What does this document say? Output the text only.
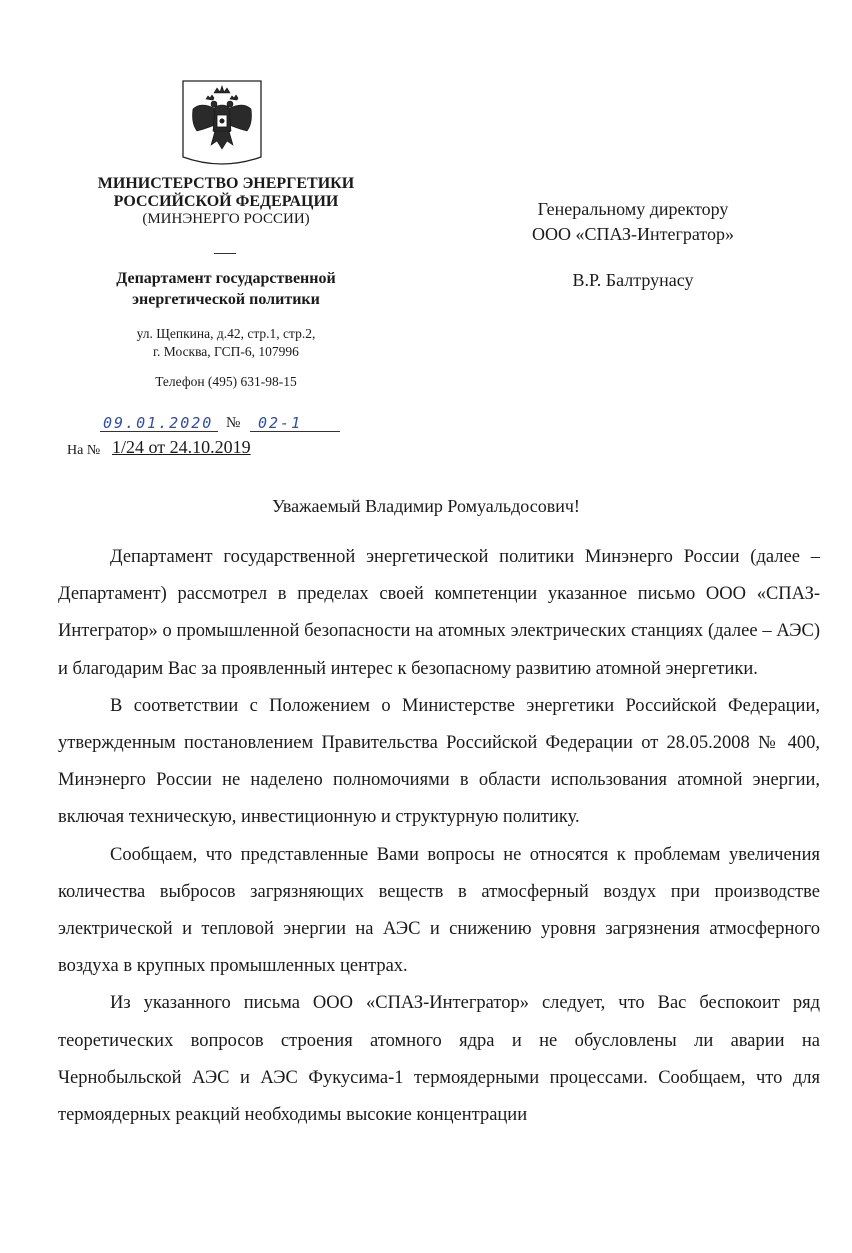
МИНИСТЕРСТВО ЭНЕРГЕТИКИ
РОССИЙСКОЙ ФЕДЕРАЦИИ
(МИНЭНЕРГО РОССИИ)
Департамент государственной
энергетической политики
ул. Щепкина, д.42, стр.1, стр.2,
г. Москва, ГСП-6, 107996
Телефон (495) 631-98-15
09.01.2020 № 02-1
На № 1/24 от 24.10.2019
Генеральному директору
ООО «СПАЗ-Интегратор»
В.Р. Балтрунасу
Уважаемый Владимир Ромуальдосович!

Департамент государственной энергетической политики Минэнерго России (далее – Департамент) рассмотрел в пределах своей компетенции указанное письмо ООО «СПАЗ-Интегратор» о промышленной безопасности на атомных электрических станциях (далее – АЭС) и благодарим Вас за проявленный интерес к безопасному развитию атомной энергетики.

В соответствии с Положением о Министерстве энергетики Российской Федерации, утвержденным постановлением Правительства Российской Федерации от 28.05.2008 № 400, Минэнерго России не наделено полномочиями в области использования атомной энергии, включая техническую, инвестиционную и структурную политику.

Сообщаем, что представленные Вами вопросы не относятся к проблемам увеличения количества выбросов загрязняющих веществ в атмосферный воздух при производстве электрической и тепловой энергии на АЭС и снижению уровня загрязнения атмосферного воздуха в крупных промышленных центрах.

Из указанного письма ООО «СПАЗ-Интегратор» следует, что Вас беспокоит ряд теоретических вопросов строения атомного ядра и не обусловлены ли аварии на Чернобыльской АЭС и АЭС Фукусима-1 термоядерными процессами. Сообщаем, что для термоядерных реакций необходимы высокие концентрации
